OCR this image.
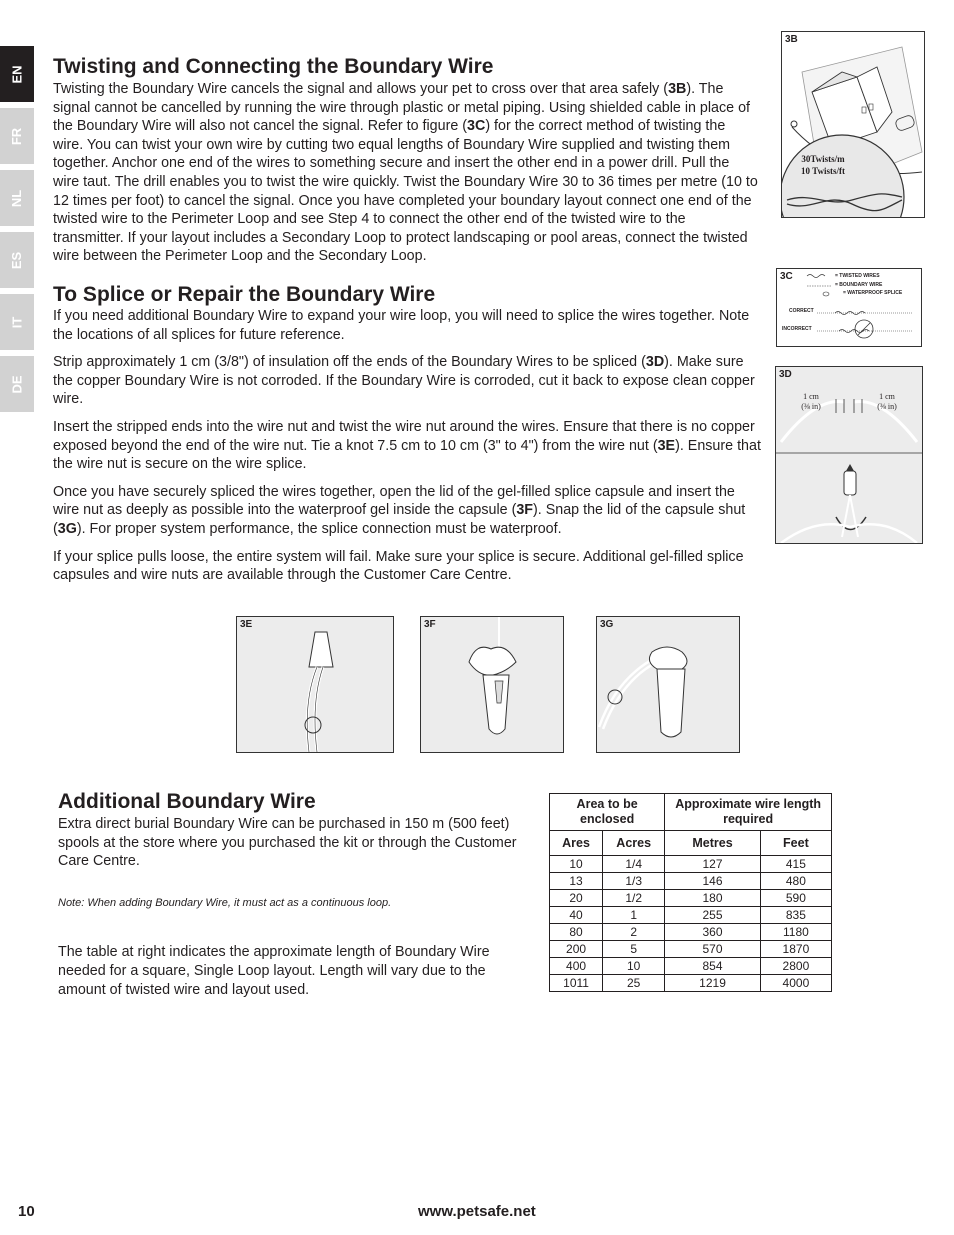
EN
FR
NL
ES
IT
DE
Twisting and Connecting the Boundary Wire

Twisting the Boundary Wire cancels the signal and allows your pet to cross over that area safely (3B). The signal cannot be cancelled by running the wire through plastic or metal piping. Using shielded cable in place of the Boundary Wire will also not cancel the signal. Refer to figure (3C) for the correct method of twisting the wire. You can twist your own wire by cutting two equal lengths of Boundary Wire supplied and twisting them together. Anchor one end of the wires to something secure and insert the other end in a power drill. Pull the wire taut. The drill enables you to twist the wire quickly. Twist the Boundary Wire 30 to 36 times per metre (10 to 12 times per foot) to cancel the signal. Once you have completed your boundary layout connect one end of the twisted wire to the Perimeter Loop and see Step 4 to connect the other end of the twisted wire to the transmitter. If your layout includes a Secondary Loop to protect landscaping or pool areas, connect the twisted wire between the Perimeter Loop and the Secondary Loop.

To Splice or Repair the Boundary Wire

If you need additional Boundary Wire to expand your wire loop, you will need to splice the wires together. Note the locations of all splices for future reference.

Strip approximately 1 cm (3/8") of insulation off the ends of the Boundary Wires to be spliced (3D). Make sure the copper Boundary Wire is not corroded. If the Boundary Wire is corroded, cut it back to expose clean copper wire.

Insert the stripped ends into the wire nut and twist the wire nut around the wires. Ensure that there is no copper exposed beyond the end of the wire nut. Tie a knot 7.5 cm to 10 cm (3" to 4") from the wire nut (3E). Ensure that the wire nut is secure on the wire splice.

Once you have securely spliced the wires together, open the lid of the gel-filled splice capsule and insert the wire nut as deeply as possible into the waterproof gel inside the capsule (3F). Snap the lid of the capsule shut (3G). For proper system performance, the splice connection must be waterproof.

If your splice pulls loose, the entire system will fail. Make sure your splice is secure. Additional gel-filled splice capsules and wire nuts are available through the Customer Care Centre.

3B
30Twists/m
10 Twists/ft
3C	= TWISTED WIRES
= BOUNDARY WIRE
= WATERPROOF SPLICE
CORRECT
INCORRECT
3D
1 cm
(⅜ in)
1 cm
(⅜ in)
3E	3F	3G
Additional Boundary Wire

Extra direct burial Boundary Wire can be purchased in 150 m (500 feet) spools at the store where you purchased the kit or through the Customer Care Centre.

Note: When adding Boundary Wire, it must act as a continuous loop.

The table at right indicates the approximate length of Boundary Wire needed for a square, Single Loop layout. Length will vary due to the amount of twisted wire and layout used.

Area to be enclosed		Approximate wire length required	
Ares	Acres	Metres	Feet
10	1/4	127	415
13	1/3	146	480
20	1/2	180	590
40	1	255	835
80	2	360	1180
200	5	570	1870
400	10	854	2800
1011	25	1219	4000
10	www.petsafe.net
